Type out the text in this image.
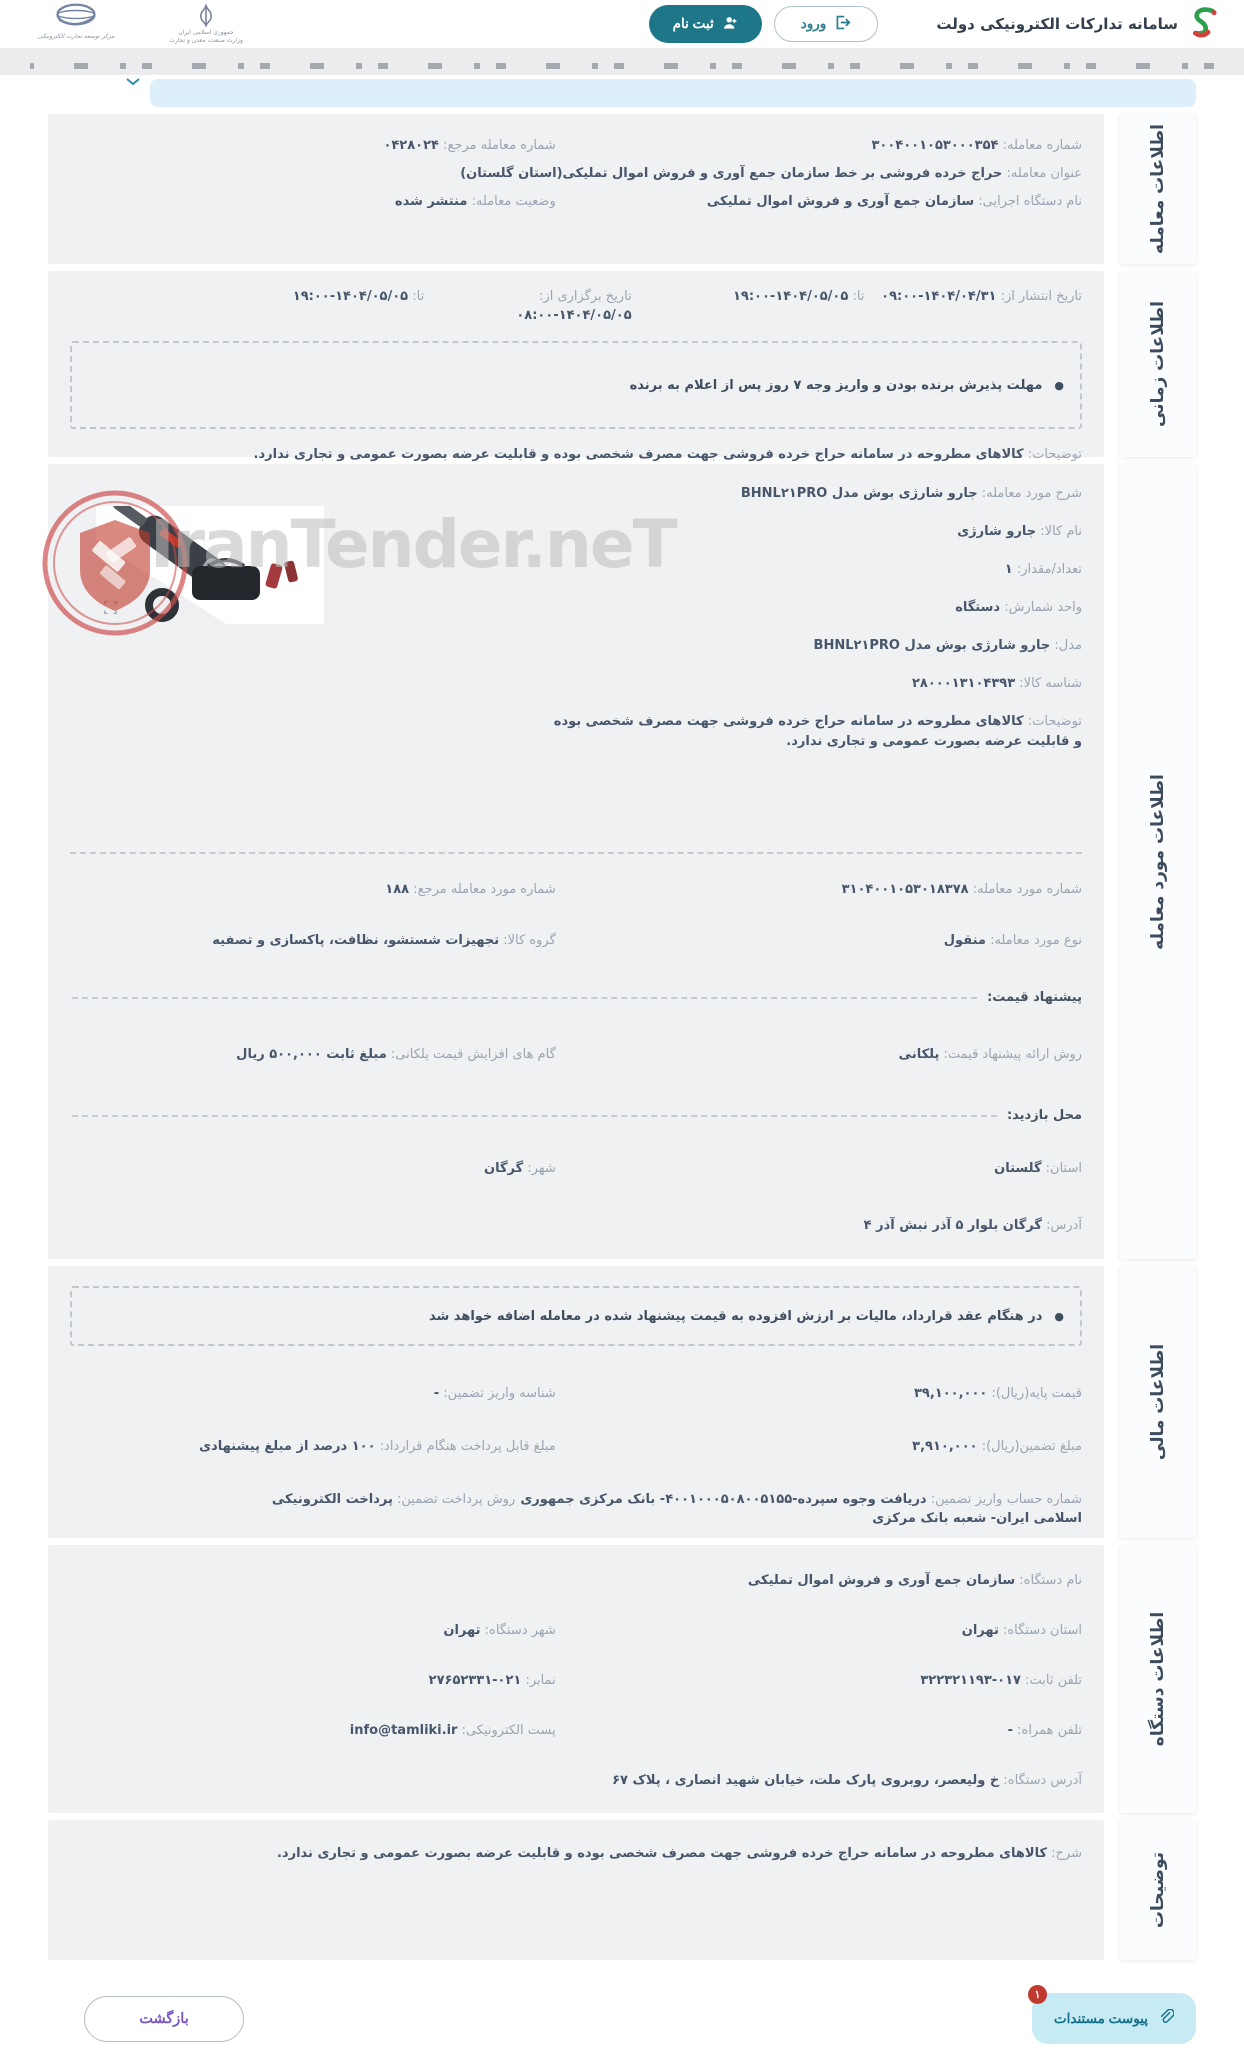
سامانه تدارکات الکترونیکی دولت
ورود
ثبت نام
جمهوری اسلامی ایران
وزارت صنعت، معدن و تجارت
مرکز توسعه تجارت الکترونیکی
IranTender.neT
اطلاعات معامله
شماره معامله: ۳۰۰۴۰۰۱۰۵۳۰۰۰۳۵۴
شماره معامله مرجع: ۰۴۲۸۰۲۴
عنوان معامله: حراج خرده فروشی بر خط سازمان جمع آوری و فروش اموال تملیکی(استان گلستان)
نام دستگاه اجرایی: سازمان جمع آوری و فروش اموال تملیکی
وضعیت معامله: منتشر شده
اطلاعات زمانی
تاریخ انتشار از: ۱۴۰۴/۰۴/۳۱-۰۹:۰۰
تا: ۱۴۰۴/۰۵/۰۵-۱۹:۰۰
تاریخ برگزاری از: ۱۴۰۴/۰۵/۰۵-۰۸:۰۰
تا: ۱۴۰۴/۰۵/۰۵-۱۹:۰۰
●
مهلت پذیرش برنده بودن و واریز وجه ۷ روز پس از اعلام به برنده
توضیحات: کالاهای مطروحه در سامانه حراج خرده فروشی جهت مصرف شخصی بوده و قابلیت عرضه بصورت عمومی و تجاری ندارد.
اطلاعات مورد معامله
شرح مورد معامله: جارو شارژی بوش مدل BHNL۲۱PRO
نام کالا: جارو شارژی
تعداد/مقدار: ۱
واحد شمارش: دستگاه
مدل: جارو شارژی بوش مدل BHNL۲۱PRO
شناسه کالا: ۲۸۰۰۰۱۳۱۰۴۳۹۳
توضیحات: کالاهای مطروحه در سامانه حراج خرده فروشی جهت مصرف شخصی بوده و قابلیت عرضه بصورت عمومی و تجاری ندارد.
شماره مورد معامله: ۳۱۰۴۰۰۱۰۵۳۰۱۸۳۷۸
شماره مورد معامله مرجع: ۱۸۸
نوع مورد معامله: منقول
گروه کالا: تجهیزات شستشو، نظافت، پاکسازی و تصفیه
پیشنهاد قیمت:
روش ارائه پیشنهاد قیمت: پلکانی
گام های افزایش قیمت پلکانی: مبلغ ثابت ۵۰۰,۰۰۰ ریال
محل بازدید:
استان: گلستان
شهر: گرگان
آدرس: گرگان بلوار ۵ آذر نبش آذر ۴
اطلاعات مالی
●
در هنگام عقد قرارداد، مالیات بر ارزش افزوده به قیمت پیشنهاد شده در معامله اضافه خواهد شد
قیمت پایه(ریال): ۳۹,۱۰۰,۰۰۰
شناسه واریز تضمین: -
مبلغ تضمین(ریال): ۳,۹۱۰,۰۰۰
مبلغ قابل پرداخت هنگام قرارداد: ۱۰۰ درصد از مبلغ پیشنهادی
شماره حساب واریز تضمین: دریافت وجوه سپرده-۴۰۰۱۰۰۰۵۰۸۰۰۵۱۵۵- بانک مرکزی جمهوری اسلامی ایران- شعبه بانک مرکزی
روش پرداخت تضمین: پرداخت الکترونیکی
اطلاعات دستگاه
نام دستگاه: سازمان جمع آوری و فروش اموال تملیکی
استان دستگاه: تهران
شهر دستگاه: تهران
تلفن ثابت: ۰۱۷-۳۲۲۳۲۱۱۹۳
نمابر: ۰۲۱-۲۷۶۵۲۳۳۱
تلفن همراه: -
پست الکترونیکی: info@tamliki.ir
آدرس دستگاه: خ ولیعصر، روبروی پارک ملت، خیابان شهید انصاری ، پلاک ۶۷
توضیحات
شرح: کالاهای مطروحه در سامانه حراج خرده فروشی جهت مصرف شخصی بوده و قابلیت عرضه بصورت عمومی و تجاری ندارد.
۱
پیوست مستندات
بازگشت
